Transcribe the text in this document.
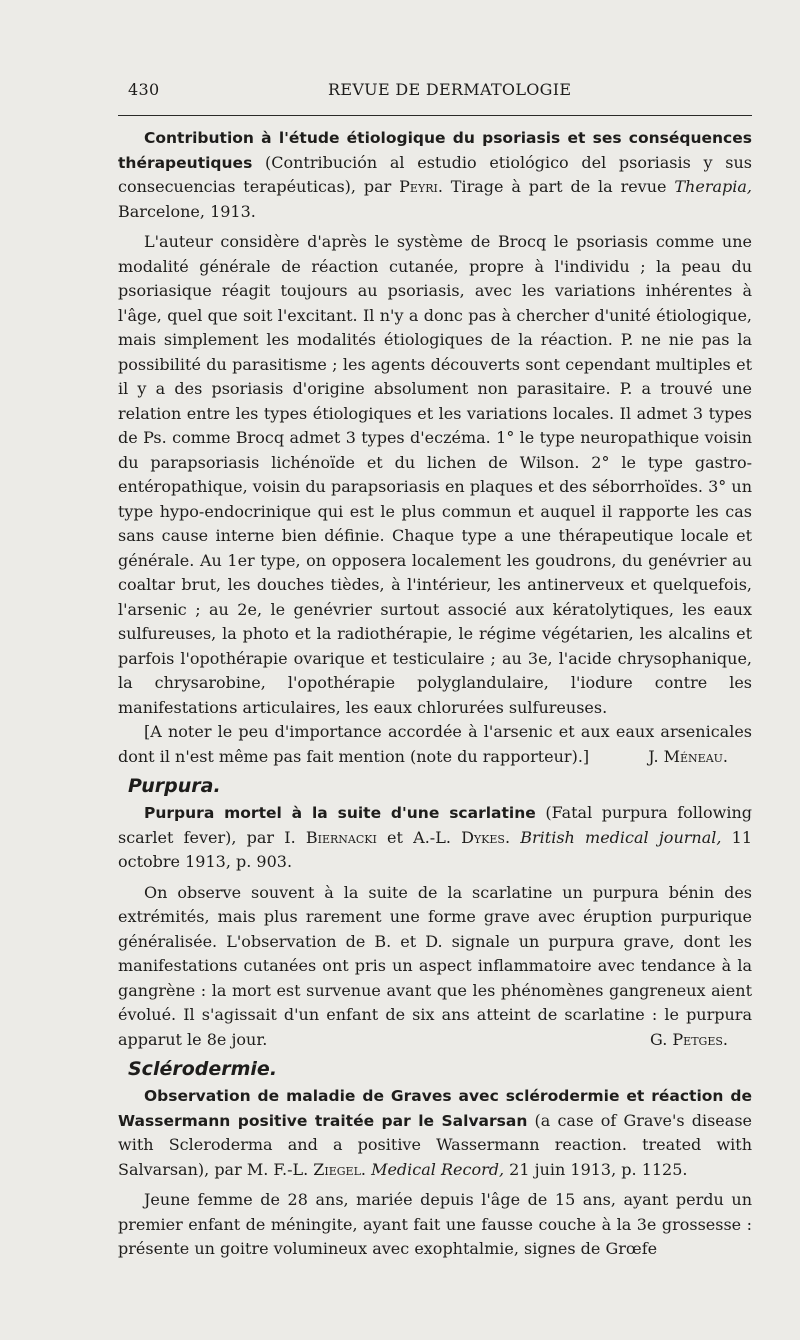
430	REVUE DE DERMATOLOGIE

Contribution à l'étude étiologique du psoriasis et ses conséquences thérapeutiques (Contribución al estudio etiológico del psoriasis y sus consecuencias terapéuticas), par Peyri. Tirage à part de la revue Therapia, Barcelone, 1913.

L'auteur considère d'après le système de Brocq le psoriasis comme une modalité générale de réaction cutanée, propre à l'individu ; la peau du psoriasique réagit toujours au psoriasis, avec les variations inhérentes à l'âge, quel que soit l'excitant. Il n'y a donc pas à chercher d'unité étiologique, mais simplement les modalités étiologiques de la réaction. P. ne nie pas la possibilité du parasitisme ; les agents découverts sont cependant multiples et il y a des psoriasis d'origine absolument non parasitaire. P. a trouvé une relation entre les types étiologiques et les variations locales. Il admet 3 types de Ps. comme Brocq admet 3 types d'eczéma. 1° le type neuropathique voisin du parapsoriasis lichénoïde et du lichen de Wilson. 2° le type gastro-entéropathique, voisin du parapsoriasis en plaques et des séborrhoïdes. 3° un type hypo-endocrinique qui est le plus commun et auquel il rapporte les cas sans cause interne bien définie. Chaque type a une thérapeutique locale et générale. Au 1er type, on opposera localement les goudrons, du genévrier au coaltar brut, les douches tièdes, à l'intérieur, les antinerveux et quelquefois, l'arsenic ; au 2e, le genévrier surtout associé aux kératolytiques, les eaux sulfureuses, la photo et la radiothérapie, le régime végétarien, les alcalins et parfois l'opothérapie ovarique et testiculaire ; au 3e, l'acide chrysophanique, la chrysarobine, l'opothérapie polyglandulaire, l'iodure contre les manifestations articulaires, les eaux chlorurées sulfureuses.

[A noter le peu d'importance accordée à l'arsenic et aux eaux arsenicales dont il n'est même pas fait mention (note du rapporteur).]	J. Méneau.

Purpura.

Purpura mortel à la suite d'une scarlatine (Fatal purpura following scarlet fever), par I. Biernacki et A.-L. Dykes. British medical journal, 11 octobre 1913, p. 903.

On observe souvent à la suite de la scarlatine un purpura bénin des extrémités, mais plus rarement une forme grave avec éruption purpurique généralisée. L'observation de B. et D. signale un purpura grave, dont les manifestations cutanées ont pris un aspect inflammatoire avec tendance à la gangrène : la mort est survenue avant que les phénomènes gangreneux aient évolué. Il s'agissait d'un enfant de six ans atteint de scarlatine : le purpura apparut le 8e jour.	G. Petges.

Sclérodermie.

Observation de maladie de Graves avec sclérodermie et réaction de Wassermann positive traitée par le Salvarsan (a case of Grave's disease with Scleroderma and a positive Wassermann reaction. treated with Salvarsan), par M. F.-L. Ziegel. Medical Record, 21 juin 1913, p. 1125.

Jeune femme de 28 ans, mariée depuis l'âge de 15 ans, ayant perdu un premier enfant de méningite, ayant fait une fausse couche à la 3e grossesse : présente un goitre volumineux avec exophtalmie, signes de Grœfe
